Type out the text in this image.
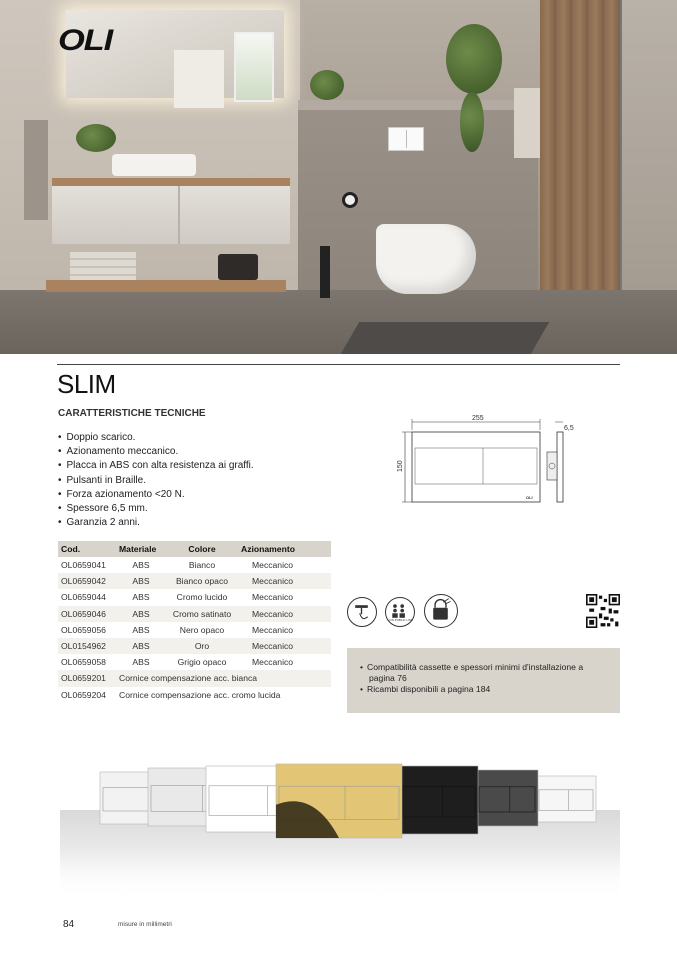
OLI
SLIM
CARATTERISTICHE TECNICHE
• Doppio scarico.
• Azionamento meccanico.
• Placca in ABS con alta resistenza ai graffi.
• Pulsanti in Braille.
• Forza azionamento <20 N.
• Spessore 6,5 mm.
• Garanzia 2 anni.
Cod.	Materiale	Colore	Azionamento
OL0659041	ABS	Bianco	Meccanico
OL0659042	ABS	Bianco opaco	Meccanico
OL0659044	ABS	Cromo lucido	Meccanico
OL0659046	ABS	Cromo satinato	Meccanico
OL0659056	ABS	Nero opaco	Meccanico
OL0154962	ABS	Oro	Meccanico
OL0659058	ABS	Grigio opaco	Meccanico
OL0659201	Cornice compensazione acc. bianca		
OL0659204	Cornice compensazione acc. cromo lucida		
255
150
OLI
6,5
ON PUBLIC USE
• Compatibilità cassette e spessori minimi d'installazione a pagina 76
• Ricambi disponibili a pagina 184
84	misure in millimetri
